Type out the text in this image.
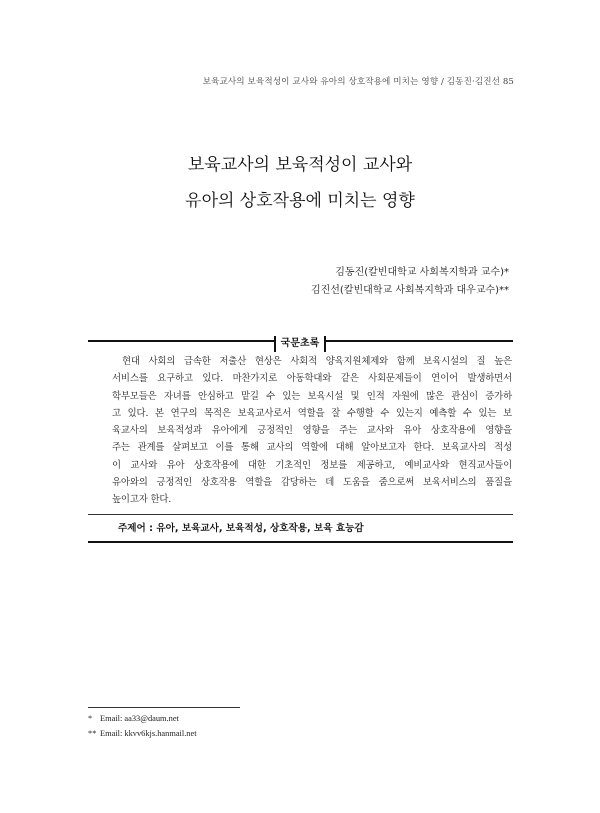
보육교사의 보육적성이 교사와 유아의 상호작용에 미치는 영향 / 김동진·김진선 85
보육교사의 보육적성이 교사와
유아의 상호작용에 미치는 영향
김동진(칼빈대학교 사회복지학과 교수)*
김진선(칼빈대학교 사회복지학과 대우교수)**
국문초록
현대 사회의 급속한 저출산 현상은 사회적 양육지원체제와 함께 보육시설의 질 높은
서비스를 요구하고 있다. 마찬가지로 아동학대와 같은 사회문제들이 연이어 발생하면서
학부모들은 자녀를 안심하고 맡길 수 있는 보육시설 및 인적 자원에 많은 관심이 증가하
고 있다. 본 연구의 목적은 보육교사로서 역할을 잘 수행할 수 있는지 예측할 수 있는 보
육교사의 보육적성과 유아에게 긍정적인 영향을 주는 교사와 유아 상호작용에 영향을
주는 관계를 살펴보고 이를 통해 교사의 역할에 대해 알아보고자 한다. 보육교사의 적성
이 교사와 유아 상호작용에 대한 기초적인 정보를 제공하고, 예비교사와 현직교사들이
유아와의 긍정적인 상호작용 역할을 감당하는 데 도움을 줌으로써 보육서비스의 품질을
높이고자 한다.
주제어 : 유아, 보육교사, 보육적성, 상호작용, 보육 효능감
* Email: aa33@daum.net
** Email: kkvv6kjs.hanmail.net
